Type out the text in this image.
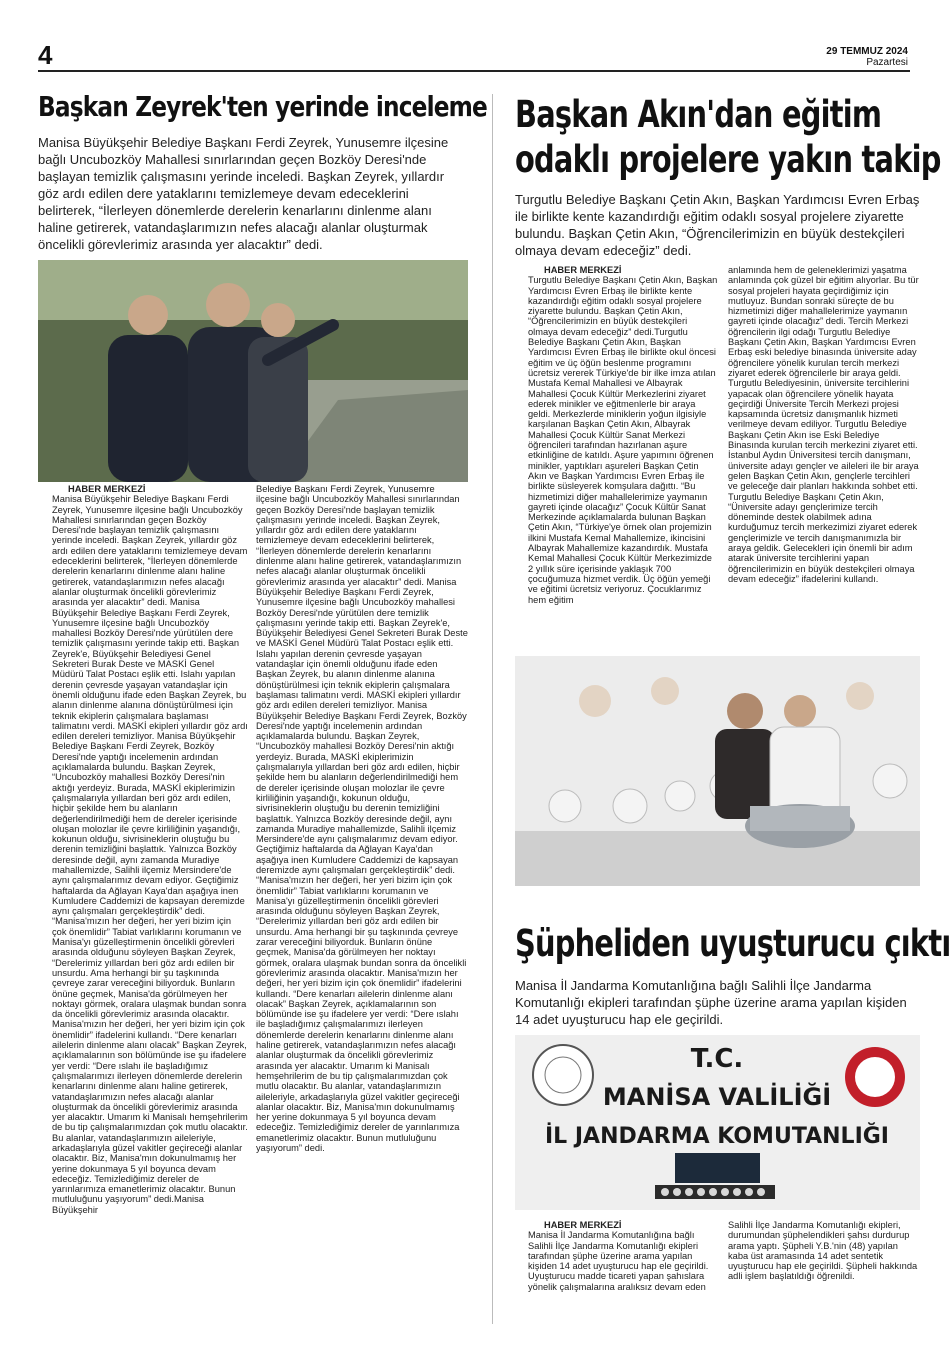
4	29 TEMMUZ 2024
Pazartesi
Başkan Zeyrek'ten yerinde inceleme
Manisa Büyükşehir Belediye Başkanı Ferdi Zeyrek, Yunusemre ilçesine bağlı Uncubozköy Mahallesi sınırlarından geçen Bozköy Deresi'nde başlayan temizlik çalışmasını yerinde inceledi. Başkan Zeyrek, yıllardır göz ardı edilen dere yataklarını temizlemeye devam edeceklerini belirterek, “İlerleyen dönemlerde derelerin kenarlarını dinlenme alanı haline getirerek, vatandaşlarımızın nefes alacağı alanlar oluşturmak öncelikli görevlerimiz arasında yer alacaktır” dedi.
HABER MERKEZİ
Manisa Büyükşehir Belediye Başkanı Ferdi Zeyrek, Yunusemre ilçesine bağlı Uncubozköy Mahallesi sınırlarından geçen Bozköy Deresi'nde başlayan temizlik çalışmasını yerinde inceledi. Başkan Zeyrek, yıllardır göz ardı edilen dere yataklarını temizlemeye devam edeceklerini belirterek, “İlerleyen dönemlerde derelerin kenarlarını dinlenme alanı haline getirerek, vatandaşlarımızın nefes alacağı alanlar oluşturmak öncelikli görevlerimiz arasında yer alacaktır” dedi. Manisa Büyükşehir Belediye Başkanı Ferdi Zeyrek, Yunusemre ilçesine bağlı Uncubozköy mahallesi Bozköy Deresi'nde yürütülen dere temizlik çalışmasını yerinde takip etti. Başkan Zeyrek'e, Büyükşehir Belediyesi Genel Sekreteri Burak Deste ve MASKİ Genel Müdürü Talat Postacı eşlik etti. Islahı yapılan derenin çevresde yaşayan vatandaşlar için önemli olduğunu ifade eden Başkan Zeyrek, bu alanın dinlenme alanına dönüştürülmesi için teknik ekiplerin çalışmalara başlaması talimatını verdi. MASKİ ekipleri yıllardır göz ardı edilen dereleri temizliyor. Manisa Büyükşehir Belediye Başkanı Ferdi Zeyrek, Bozköy Deresi'nde yaptığı incelemenin ardından açıklamalarda bulundu. Başkan Zeyrek, “Uncubozköy mahallesi Bozköy Deresi'nin aktığı yerdeyiz. Burada, MASKİ ekiplerimizin çalışmalarıyla yıllardan beri göz ardı edilen, hiçbir şekilde hem bu alanların değerlendirilmediği hem de dereler içerisinde oluşan molozlar ile çevre kirliliğinin yaşandığı, kokunun olduğu, sivrisineklerin oluştuğu bu derenin temizliğini başlattık. Yalnızca Bozköy deresinde değil, aynı zamanda Muradiye mahallemizde, Salihli ilçemiz Mersindere'de aynı çalışmalarımız devam ediyor. Geçtiğimiz haftalarda da Ağlayan Kaya'dan aşağıya inen Kumludere Caddemizi de kapsayan deremizde aynı çalışmaları gerçekleştirdik” dedi. “Manisa'mızın her değeri, her yeri bizim için çok önemlidir” Tabiat varlıklarını korumanın ve Manisa'yı güzelleştirmenin öncelikli görevleri arasında olduğunu söyleyen Başkan Zeyrek, “Derelerimiz yıllardan beri göz ardı edilen bir unsurdu. Ama herhangi bir şu taşkınında çevreye zarar vereceğini biliyorduk. Bunların önüne geçmek, Manisa'da görülmeyen her noktayı görmek, oralara ulaşmak bundan sonra da öncelikli görevlerimiz arasında olacaktır. Manisa'mızın her değeri, her yeri bizim için çok önemlidir” ifadelerini kullandı. “Dere kenarları ailelerin dinlenme alanı olacak” Başkan Zeyrek, açıklamalarının son bölümünde ise şu ifadelere yer verdi: “Dere ıslahı ile başladığımız çalışmalarımızı ilerleyen dönemlerde derelerin kenarlarını dinlenme alanı haline getirerek, vatandaşlarımızın nefes alacağı alanlar oluşturmak da öncelikli görevlerimiz arasında yer alacaktır. Umarım ki Manisalı hemşehrilerim de bu tip çalışmalarımızdan çok mutlu olacaktır. Bu alanlar, vatandaşlarımızın aileleriyle, arkadaşlarıyla güzel vakitler geçireceği alanlar olacaktır. Biz, Manisa'mın dokunulmamış her yerine dokunmaya 5 yıl boyunca devam edeceğiz. Temizlediğimiz dereler de yarınlarımıza emanetlerimiz olacaktır. Bunun mutluluğunu yaşıyorum” dedi.Manisa Büyükşehir
Belediye Başkanı Ferdi Zeyrek, Yunusemre ilçesine bağlı Uncubozköy Mahallesi sınırlarından geçen Bozköy Deresi'nde başlayan temizlik çalışmasını yerinde inceledi. Başkan Zeyrek, yıllardır göz ardı edilen dere yataklarını temizlemeye devam edeceklerini belirterek, “İlerleyen dönemlerde derelerin kenarlarını dinlenme alanı haline getirerek, vatandaşlarımızın nefes alacağı alanlar oluşturmak öncelikli görevlerimiz arasında yer alacaktır” dedi. Manisa Büyükşehir Belediye Başkanı Ferdi Zeyrek, Yunusemre ilçesine bağlı Uncubozköy mahallesi Bozköy Deresi'nde yürütülen dere temizlik çalışmasını yerinde takip etti. Başkan Zeyrek'e, Büyükşehir Belediyesi Genel Sekreteri Burak Deste ve MASKİ Genel Müdürü Talat Postacı eşlik etti. Islahı yapılan derenin çevresde yaşayan vatandaşlar için önemli olduğunu ifade eden Başkan Zeyrek, bu alanın dinlenme alanına dönüştürülmesi için teknik ekiplerin çalışmalara başlaması talimatını verdi. MASKİ ekipleri yıllardır göz ardı edilen dereleri temizliyor. Manisa Büyükşehir Belediye Başkanı Ferdi Zeyrek, Bozköy Deresi'nde yaptığı incelemenin ardından açıklamalarda bulundu. Başkan Zeyrek, “Uncubozköy mahallesi Bozköy Deresi'nin aktığı yerdeyiz. Burada, MASKİ ekiplerimizin çalışmalarıyla yıllardan beri göz ardı edilen, hiçbir şekilde hem bu alanların değerlendirilmediği hem de dereler içerisinde oluşan molozlar ile çevre kirliliğinin yaşandığı, kokunun olduğu, sivrisineklerin oluştuğu bu derenin temizliğini başlattık. Yalnızca Bozköy deresinde değil, aynı zamanda Muradiye mahallemizde, Salihli ilçemiz Mersindere'de aynı çalışmalarımız devam ediyor. Geçtiğimiz haftalarda da Ağlayan Kaya'dan aşağıya inen Kumludere Caddemizi de kapsayan deremizde aynı çalışmaları gerçekleştirdik” dedi. “Manisa'mızın her değeri, her yeri bizim için çok önemlidir” Tabiat varlıklarını korumanın ve Manisa'yı güzelleştirmenin öncelikli görevleri arasında olduğunu söyleyen Başkan Zeyrek, “Derelerimiz yıllardan beri göz ardı edilen bir unsurdu. Ama herhangi bir şu taşkınında çevreye zarar vereceğini biliyorduk. Bunların önüne geçmek, Manisa'da görülmeyen her noktayı görmek, oralara ulaşmak bundan sonra da öncelikli görevlerimiz arasında olacaktır. Manisa'mızın her değeri, her yeri bizim için çok önemlidir” ifadelerini kullandı. “Dere kenarları ailelerin dinlenme alanı olacak” Başkan Zeyrek, açıklamalarının son bölümünde ise şu ifadelere yer verdi: “Dere ıslahı ile başladığımız çalışmalarımızı ilerleyen dönemlerde derelerin kenarlarını dinlenme alanı haline getirerek, vatandaşlarımızın nefes alacağı alanlar oluşturmak da öncelikli görevlerimiz arasında yer alacaktır. Umarım ki Manisalı hemşehrilerim de bu tip çalışmalarımızdan çok mutlu olacaktır. Bu alanlar, vatandaşlarımızın aileleriyle, arkadaşlarıyla güzel vakitler geçireceği alanlar olacaktır. Biz, Manisa'mın dokunulmamış her yerine dokunmaya 5 yıl boyunca devam edeceğiz. Temizlediğimiz dereler de yarınlarımıza emanetlerimiz olacaktır. Bunun mutluluğunu yaşıyorum” dedi.
Başkan Akın'dan eğitim
odaklı projelere yakın takip
Turgutlu Belediye Başkanı Çetin Akın, Başkan Yardımcısı Evren Erbaş ile birlikte kente kazandırdığı eğitim odaklı sosyal projelere ziyarette bulundu. Başkan Çetin Akın, “Öğrencilerimizin en büyük destekçileri olmaya devam edeceğiz” dedi.
HABER MERKEZİ
Turgutlu Belediye Başkanı Çetin Akın, Başkan Yardımcısı Evren Erbaş ile birlikte kente kazandırdığı eğitim odaklı sosyal projelere ziyarette bulundu. Başkan Çetin Akın, “Öğrencilerimizin en büyük destekçileri olmaya devam edeceğiz” dedi.Turgutlu Belediye Başkanı Çetin Akın, Başkan Yardımcısı Evren Erbaş ile birlikte okul öncesi eğitim ve üç öğün beslenme programını ücretsiz vererek Türkiye'de bir ilke imza atılan Mustafa Kemal Mahallesi ve Albayrak Mahallesi Çocuk Kültür Merkezlerini ziyaret ederek minikler ve eğitmenlerle bir araya geldi. Merkezlerde miniklerin yoğun ilgisiyle karşılanan Başkan Çetin Akın, Albayrak Mahallesi Çocuk Kültür Sanat Merkezi öğrencileri tarafından hazırlanan aşure etkinliğine de katıldı. Aşure yapımını öğrenen minikler, yaptıkları aşureleri Başkan Çetin Akın ve Başkan Yardımcısı Evren Erbaş ile birlikte süsleyerek komşulara dağıttı. “Bu hizmetimizi diğer mahallelerimize yaymanın gayreti içinde olacağız” Çocuk Kültür Sanat Merkezinde açıklamalarda bulunan Başkan Çetin Akın, “Türkiye'ye örnek olan projemizin ilkini Mustafa Kemal Mahallemize, ikincisini Albayrak Mahallemize kazandırdık. Mustafa Kemal Mahallesi Çocuk Kültür Merkezimizde 2 yıllık süre içerisinde yaklaşık 700 çocuğumuza hizmet verdik. Üç öğün yemeği ve eğitimi ücretsiz veriyoruz. Çocuklarımız hem eğitim
anlamında hem de geleneklerimizi yaşatma anlamında çok güzel bir eğitim alıyorlar. Bu tür sosyal projeleri hayata geçirdiğimiz için mutluyuz. Bundan sonraki süreçte de bu hizmetimizi diğer mahallelerimize yaymanın gayreti içinde olacağız” dedi. Tercih Merkezi öğrencilerin ilgi odağı Turgutlu Belediye Başkanı Çetin Akın, Başkan Yardımcısı Evren Erbaş eski belediye binasında üniversite aday öğrencilere yönelik kurulan tercih merkezi ziyaret ederek öğrencilerle bir araya geldi. Turgutlu Belediyesinin, üniversite tercihlerini yapacak olan öğrencilere yönelik hayata geçirdiği Üniversite Tercih Merkezi projesi kapsamında ücretsiz danışmanlık hizmeti verilmeye devam ediliyor. Turgutlu Belediye Başkanı Çetin Akın ise Eski Belediye Binasında kurulan tercih merkezini ziyaret etti. İstanbul Aydın Üniversitesi tercih danışmanı, üniversite adayı gençler ve aileleri ile bir araya gelen Başkan Çetin Akın, gençlerle tercihleri ve geleceğe dair planları hakkında sohbet etti. Turgutlu Belediye Başkanı Çetin Akın, “Üniversite adayı gençlerimize tercih döneminde destek olabilmek adına kurduğumuz tercih merkezimizi ziyaret ederek gençlerimizle ve tercih danışmanımızla bir araya geldik. Gelecekleri için önemli bir adım atarak üniversite tercihlerini yapan öğrencilerimizin en büyük destekçileri olmaya devam edeceğiz” ifadelerini kullandı.
Şüpheliden uyuşturucu çıktı
Manisa İl Jandarma Komutanlığına bağlı Salihli İlçe Jandarma Komutanlığı ekipleri tarafından şüphe üzerine arama yapılan kişiden 14 adet uyuşturucu hap ele geçirildi.
T.C.
MANİSA VALİLİĞİ
İL JANDARMA KOMUTANLIĞI
HABER MERKEZİ
Manisa İl Jandarma Komutanlığına bağlı Salihli İlçe Jandarma Komutanlığı ekipleri tarafından şüphe üzerine arama yapılan kişiden 14 adet uyuşturucu hap ele geçirildi. Uyuşturucu madde ticareti yapan şahıslara yönelik çalışmalarına aralıksız devam eden
Salihli İlçe Jandarma Komutanlığı ekipleri, durumundan şüphelendikleri şahsı durdurup arama yaptı. Şüpheli Y.B.'nin (48) yapılan kaba üst aramasında 14 adet sentetik uyuşturucu hap ele geçirildi. Şüpheli hakkında adli işlem başlatıldığı öğrenildi.
